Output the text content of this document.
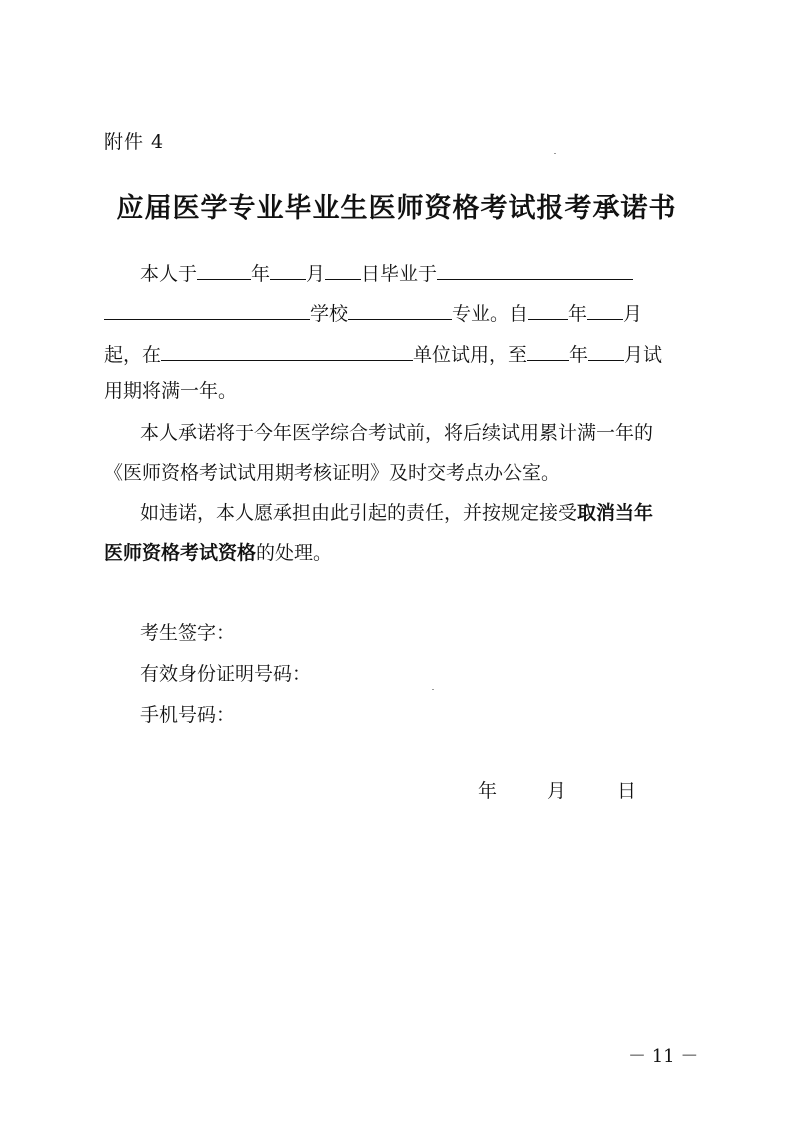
附件 4
应届医学专业毕业生医师资格考试报考承诺书
本人于	年 月 日毕业于
学校	专业。自 年 月
起，在	单位试用，至 年 月试
用期将满一年。
本人承诺将于今年医学综合考试前，将后续试用累计满一年的
《医师资格考试试用期考核证明》及时交考点办公室。
如违诺，本人愿承担由此引起的责任，并按规定接受取消当年
医师资格考试资格的处理。
考生签字：
有效身份证明号码：
手机号码：
年	月	日
－ 11 －
